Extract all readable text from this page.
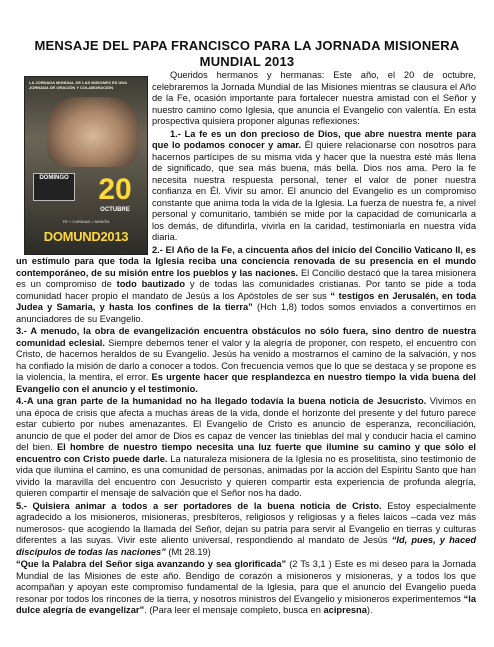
MENSAJE DEL PAPA FRANCISCO PARA LA JORNADA MISIONERA
MUNDIAL 2013
LA JORNADA MUNDIAL DE LAS MISIONES ES UNA JORNADA DE ORACIÓN Y COLABORACIÓN
DOMINGO 20
OCTUBRE
FE + CARIDAD = MISIÓN
DOMUND2013

Queridos hermanos y hermanas: Este año, el 20 de octubre, celebraremos la Jornada Mundial de las Misiones mientras se clausura el Año de la Fe, ocasión importante para fortalecer nuestra amistad con el Señor y nuestro camino como Iglesia, que anuncia el Evangelio con valentía. En esta prospectiva quisiera proponer algunas reflexiones:

1.- La fe es un don precioso de Dios, que abre nuestra mente para que lo podamos conocer y amar. Él quiere relacionarse con nosotros para hacernos partícipes de su misma vida y hacer que la nuestra esté más llena de significado, que sea más buena, más bella. Dios nos ama. Pero la fe necesita nuestra respuesta personal, tener el valor de poner nuestra confianza en Él. Vivir su amor. El anuncio del Evangelio es un compromiso constante que anima toda la vida de la Iglesia. La fuerza de nuestra fe, a nivel personal y comunitario, también se mide por la capacidad de comunicarla a los demás, de difundirla, vivirla en la caridad, testimoniarla en nuestra vida diaria.

2.- El Año de la Fe, a cincuenta años del inicio del Concilio Vaticano II, es un estímulo para que toda la Iglesia reciba una conciencia renovada de su presencia en el mundo contemporáneo, de su misión entre los pueblos y las naciones. El Concilio destacó que la tarea misionera es un compromiso de todo bautizado y de todas las comunidades cristianas. Por tanto se pide a toda comunidad hacer propio el mandato de Jesús a los Apóstoles de ser sus “ testigos en Jerusalén, en toda Judea y Samaria, y hasta los confines de la tierra” (Hch 1,8) todos somos enviados a convertirnos en anunciadores de su Evangelio.

3.- A menudo, la obra de evangelización encuentra obstáculos no sólo fuera, sino dentro de nuestra comunidad eclesial. Siempre debemos tener el valor y la alegría de proponer, con respeto, el encuentro con Cristo, de hacernos heraldos de su Evangelio. Jesús ha venido a mostrarnos el camino de la salvación, y nos ha confiado la misión de darlo a conocer a todos. Con frecuencia vemos que lo que se destaca y se propone es la violencia, la mentira, el error. Es urgente hacer que resplandezca en nuestro tiempo la vida buena del Evangelio con el anuncio y el testimonio.

4.-A una gran parte de la humanidad no ha llegado todavía la buena noticia de Jesucristo. Vivimos en una época de crisis que afecta a muchas áreas de la vida, donde el horizonte del presente y del futuro parece estar cubierto por nubes amenazantes. El Evangelio de Cristo es anuncio de esperanza, reconciliación, anuncio de que el poder del amor de Dios es capaz de vencer las tinieblas del mal y conducir hacia el camino del bien. El hombre de nuestro tiempo necesita una luz fuerte que ilumine su camino y que sólo el encuentro con Cristo puede darle. La naturaleza misionera de la Iglesia no es proselitista, sino testimonio de vida que ilumina el camino, es una comunidad de personas, animadas por la acción del Espíritu Santo que han vivido la maravilla del encuentro con Jesucristo y quieren compartir esta experiencia de profunda alegría, quieren compartir el mensaje de salvación que el Señor nos ha dado.

5.- Quisiera animar a todos a ser portadores de la buena noticia de Cristo. Estoy especialmente agradecido a los misioneros, misioneras, presbíteros, religiosos y religiosas y a fieles laicos –cada vez más numerosos- que acogiendo la llamada del Señor, dejan su patria para servir al Evangelio en tierras y culturas diferentes a las suyas. Vivir este aliento universal, respondiendo al mandato de Jesús “Id, pues, y haced discípulos de todas las naciones” (Mt 28.19)

“Que la Palabra del Señor siga avanzando y sea glorificada” (2 Ts 3,1 ) Este es mi deseo para la Jornada Mundial de las Misiones de este año. Bendigo de corazón a misioneros y misioneras, y a todos los que acompañan y apoyan este compromiso fundamental de la Iglesia, para que el anuncio del Evangelio pueda resonar por todos los rincones de la tierra, y nosotros ministros del Evangelio y misioneros experimentemos “la dulce alegría de evangelizar”. (Para leer el mensaje completo, busca en acipresna).
